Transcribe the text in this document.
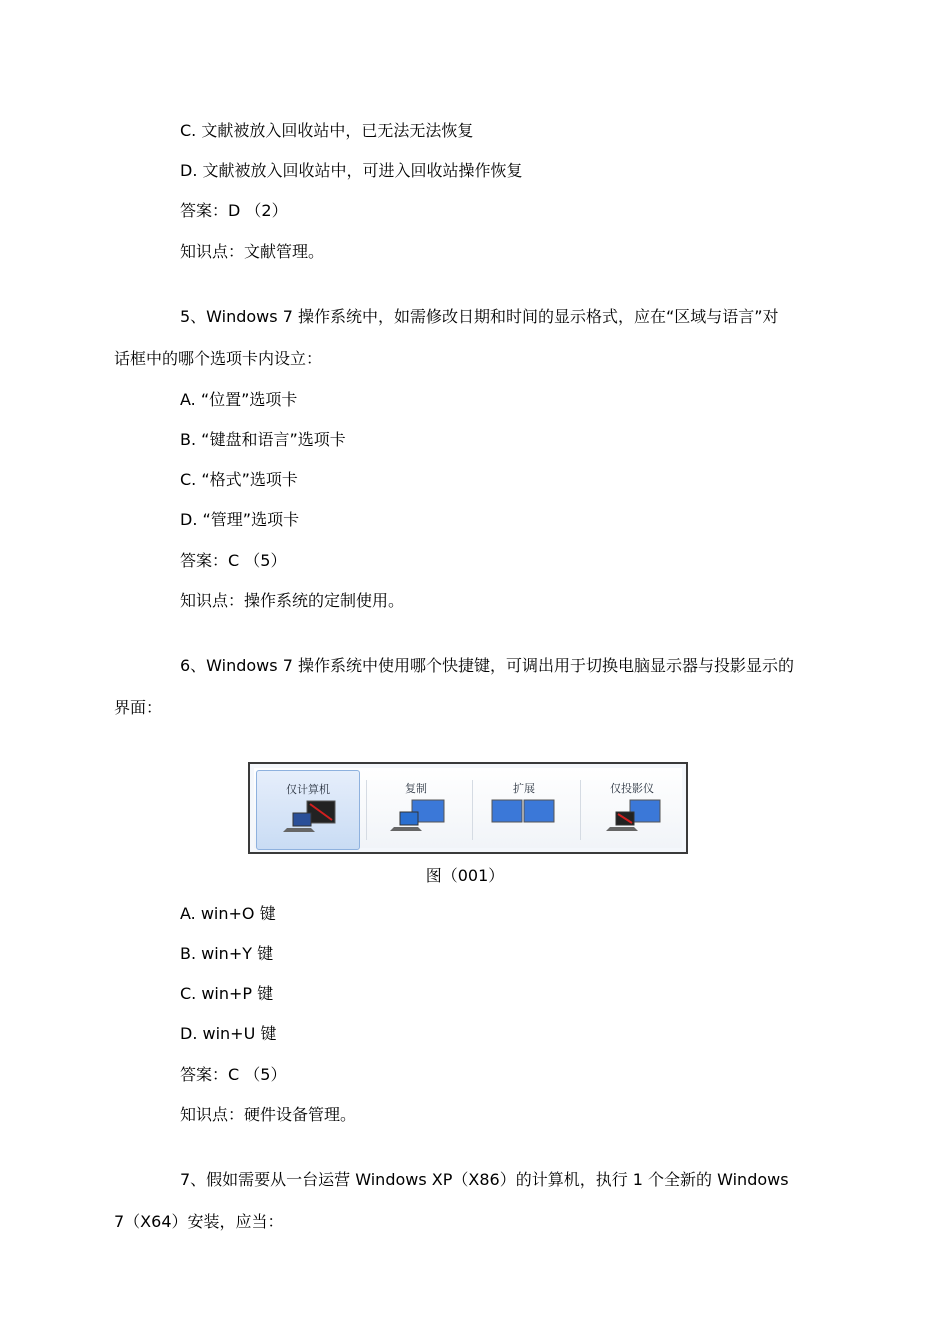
C. 文献被放入回收站中，已无法无法恢复
D. 文献被放入回收站中，可进入回收站操作恢复
答案：D （2）
知识点：文献管理。
5、Windows 7 操作系统中，如需修改日期和时间的显示格式，应在“区域与语言”对
话框中的哪个选项卡内设立：
A. “位置”选项卡
B. “键盘和语言”选项卡
C. “格式”选项卡
D. “管理”选项卡
答案：C （5）
知识点：操作系统的定制使用。
6、Windows 7 操作系统中使用哪个快捷键，可调出用于切换电脑显示器与投影显示的
界面：
仅计算机	复制	扩展	仅投影仪
图（001）
A. win+O 键
B. win+Y 键
C. win+P 键
D. win+U 键
答案：C （5）
知识点：硬件设备管理。
7、假如需要从一台运营 Windows XP（X86）的计算机，执行 1 个全新的 Windows
7（X64）安装，应当：
